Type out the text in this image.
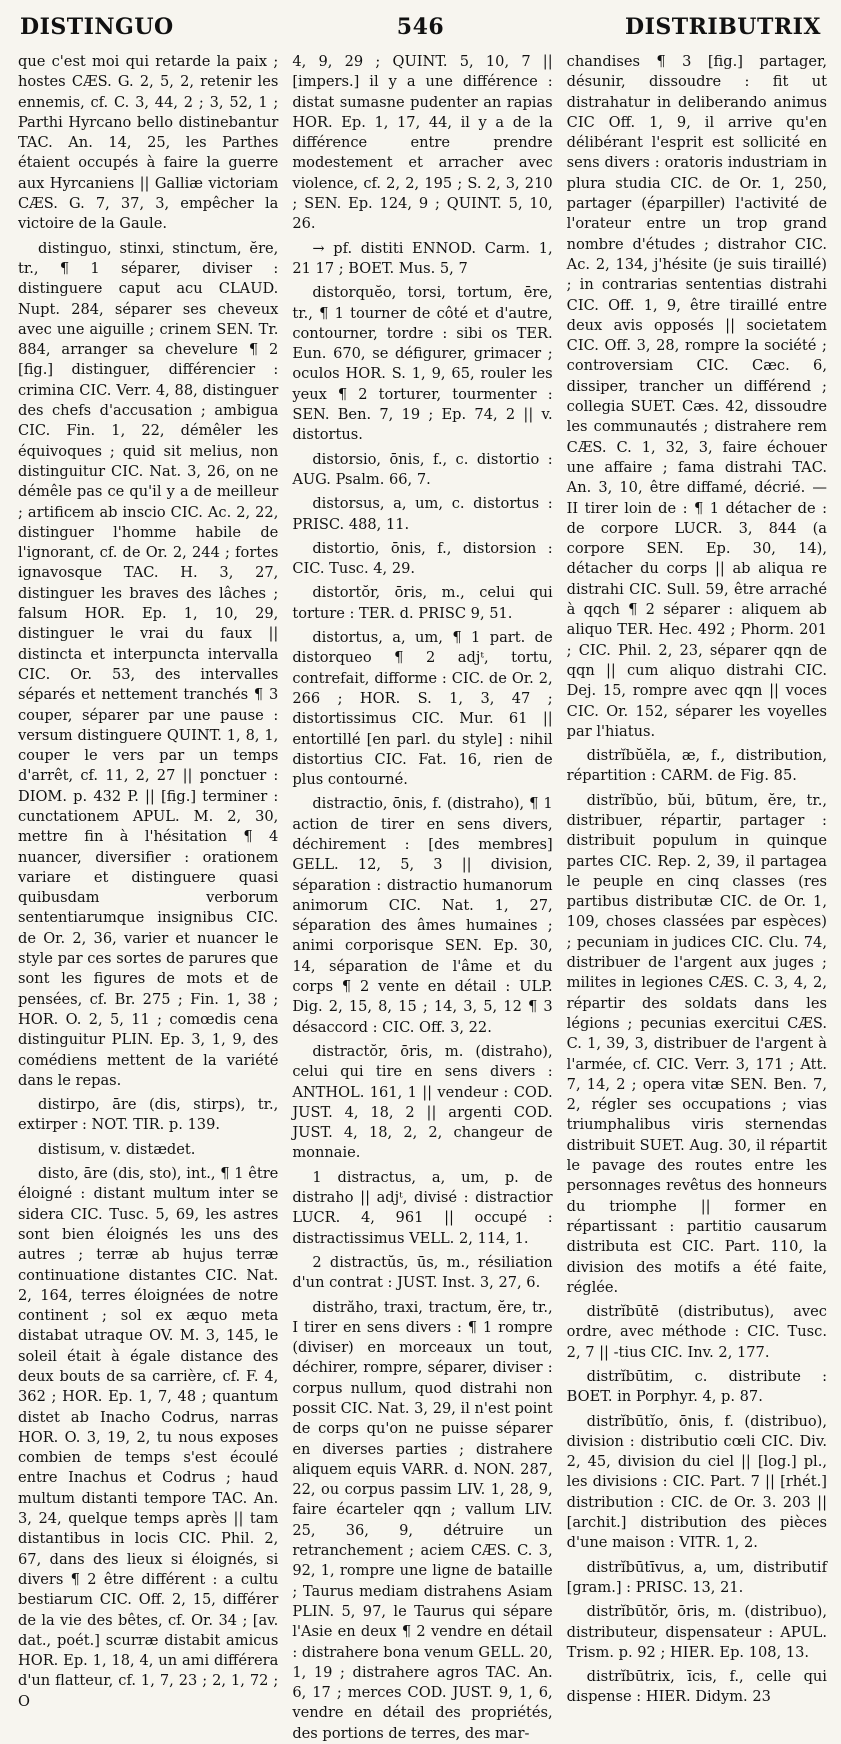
DISTINGUO	546	DISTRIBUTRIX

que c'est moi qui retarde la paix ; hostes CÆS. G. 2, 5, 2, retenir les ennemis, cf. C. 3, 44, 2 ; 3, 52, 1 ; Parthi Hyrcano bello distinebantur TAC. An. 14, 25, les Parthes étaient occupés à faire la guerre aux Hyrcaniens || Galliæ victoriam CÆS. G. 7, 37, 3, empêcher la victoire de la Gaule.

distinguo, stinxi, stinctum, ĕre, tr., ¶ 1 séparer, diviser : distinguere caput acu CLAUD. Nupt. 284, séparer ses cheveux avec une aiguille ; crinem SEN. Tr. 884, arranger sa chevelure ¶ 2 [fig.] distinguer, différencier : crimina CIC. Verr. 4, 88, distinguer des chefs d'accusation ; ambigua CIC. Fin. 1, 22, démêler les équivoques ; quid sit melius, non distinguitur CIC. Nat. 3, 26, on ne démêle pas ce qu'il y a de meilleur ; artificem ab inscio CIC. Ac. 2, 22, distinguer l'homme habile de l'ignorant, cf. de Or. 2, 244 ; fortes ignavosque TAC. H. 3, 27, distinguer les braves des lâches ; falsum HOR. Ep. 1, 10, 29, distinguer le vrai du faux || distincta et interpuncta intervalla CIC. Or. 53, des intervalles séparés et nettement tranchés ¶ 3 couper, séparer par une pause : versum distinguere QUINT. 1, 8, 1, couper le vers par un temps d'arrêt, cf. 11, 2, 27 || ponctuer : DIOM. p. 432 P. || [fig.] terminer : cunctationem APUL. M. 2, 30, mettre fin à l'hésitation ¶ 4 nuancer, diversifier : orationem variare et distinguere quasi quibusdam verborum sententiarumque insignibus CIC. de Or. 2, 36, varier et nuancer le style par ces sortes de parures que sont les figures de mots et de pensées, cf. Br. 275 ; Fin. 1, 38 ; HOR. O. 2, 5, 11 ; comœdis cena distinguitur PLIN. Ep. 3, 1, 9, des comédiens mettent de la variété dans le repas.

distirpo, āre (dis, stirps), tr., extirper : NOT. TIR. p. 139.

distisum, v. distædet.

disto, āre (dis, sto), int., ¶ 1 être éloigné : distant multum inter se sidera CIC. Tusc. 5, 69, les astres sont bien éloignés les uns des autres ; terræ ab hujus terræ continuatione distantes CIC. Nat. 2, 164, terres éloignées de notre continent ; sol ex æquo meta distabat utraque OV. M. 3, 145, le soleil était à égale distance des deux bouts de sa carrière, cf. F. 4, 362 ; HOR. Ep. 1, 7, 48 ; quantum distet ab Inacho Codrus, narras HOR. O. 3, 19, 2, tu nous exposes combien de temps s'est écoulé entre Inachus et Codrus ; haud multum distanti tempore TAC. An. 3, 24, quelque temps après || tam distantibus in locis CIC. Phil. 2, 67, dans des lieux si éloignés, si divers ¶ 2 être différent : a cultu bestiarum CIC. Off. 2, 15, différer de la vie des bêtes, cf. Or. 34 ; [av. dat., poét.] scurræ distabit amicus HOR. Ep. 1, 18, 4, un ami différera d'un flatteur, cf. 1, 7, 23 ; 2, 1, 72 ; O

4, 9, 29 ; QUINT. 5, 10, 7 || [impers.] il y a une différence : distat sumasne pudenter an rapias HOR. Ep. 1, 17, 44, il y a de la différence entre prendre modestement et arracher avec violence, cf. 2, 2, 195 ; S. 2, 3, 210 ; SEN. Ep. 124, 9 ; QUINT. 5, 10, 26.

→ pf. distiti ENNOD. Carm. 1, 21 17 ; BOET. Mus. 5, 7

distorquĕo, torsi, tortum, ēre, tr., ¶ 1 tourner de côté et d'autre, contourner, tordre : sibi os TER. Eun. 670, se défigurer, grimacer ; oculos HOR. S. 1, 9, 65, rouler les yeux ¶ 2 torturer, tourmenter : SEN. Ben. 7, 19 ; Ep. 74, 2 || v. distortus.

distorsio, ōnis, f., c. distortio : AUG. Psalm. 66, 7.

distorsus, a, um, c. distortus : PRISC. 488, 11.

distortio, ōnis, f., distorsion : CIC. Tusc. 4, 29.

distortŏr, ōris, m., celui qui torture : TER. d. PRISC 9, 51.

distortus, a, um, ¶ 1 part. de distorqueo ¶ 2 adjᵗ, tortu, contrefait, difforme : CIC. de Or. 2, 266 ; HOR. S. 1, 3, 47 ; distortissimus CIC. Mur. 61 || entortillé [en parl. du style] : nihil distortius CIC. Fat. 16, rien de plus contourné.

distractio, ōnis, f. (distraho), ¶ 1 action de tirer en sens divers, déchirement : [des membres] GELL. 12, 5, 3 || division, séparation : distractio humanorum animorum CIC. Nat. 1, 27, séparation des âmes humaines ; animi corporisque SEN. Ep. 30, 14, séparation de l'âme et du corps ¶ 2 vente en détail : ULP. Dig. 2, 15, 8, 15 ; 14, 3, 5, 12 ¶ 3 désaccord : CIC. Off. 3, 22.

distractŏr, ōris, m. (distraho), celui qui tire en sens divers : ANTHOL. 161, 1 || vendeur : COD. JUST. 4, 18, 2 || argenti COD. JUST. 4, 18, 2, 2, changeur de monnaie.

1 distractus, a, um, p. de distraho || adjᵗ, divisé : distractior LUCR. 4, 961 || occupé : distractissimus VELL. 2, 114, 1.

2 distractŭs, ūs, m., résiliation d'un contrat : JUST. Inst. 3, 27, 6.

distrăho, traxi, tractum, ĕre, tr., I tirer en sens divers : ¶ 1 rompre (diviser) en morceaux un tout, déchirer, rompre, séparer, diviser : corpus nullum, quod distrahi non possit CIC. Nat. 3, 29, il n'est point de corps qu'on ne puisse séparer en diverses parties ; distrahere aliquem equis VARR. d. NON. 287, 22, ou corpus passim LIV. 1, 28, 9, faire écarteler qqn ; vallum LIV. 25, 36, 9, détruire un retranchement ; aciem CÆS. C. 3, 92, 1, rompre une ligne de bataille ; Taurus mediam distrahens Asiam PLIN. 5, 97, le Taurus qui sépare l'Asie en deux ¶ 2 vendre en détail : distrahere bona venum GELL. 20, 1, 19 ; distrahere agros TAC. An. 6, 17 ; merces COD. JUST. 9, 1, 6, vendre en détail des propriétés, des portions de terres, des mar-

chandises ¶ 3 [fig.] partager, désunir, dissoudre : fit ut distrahatur in deliberando animus CIC Off. 1, 9, il arrive qu'en délibérant l'esprit est sollicité en sens divers : oratoris industriam in plura studia CIC. de Or. 1, 250, partager (éparpiller) l'activité de l'orateur entre un trop grand nombre d'études ; distrahor CIC. Ac. 2, 134, j'hésite (je suis tiraillé) ; in contrarias sententias distrahi CIC. Off. 1, 9, être tiraillé entre deux avis opposés || societatem CIC. Off. 3, 28, rompre la société ; controversiam CIC. Cæc. 6, dissiper, trancher un différend ; collegia SUET. Cæs. 42, dissoudre les communautés ; distrahere rem CÆS. C. 1, 32, 3, faire échouer une affaire ; fama distrahi TAC. An. 3, 10, être diffamé, décrié. — II tirer loin de : ¶ 1 détacher de : de corpore LUCR. 3, 844 (a corpore SEN. Ep. 30, 14), détacher du corps || ab aliqua re distrahi CIC. Sull. 59, être arraché à qqch ¶ 2 séparer : aliquem ab aliquo TER. Hec. 492 ; Phorm. 201 ; CIC. Phil. 2, 23, séparer qqn de qqn || cum aliquo distrahi CIC. Dej. 15, rompre avec qqn || voces CIC. Or. 152, séparer les voyelles par l'hiatus.

distrĭbŭĕla, æ, f., distribution, répartition : CARM. de Fig. 85.

distrĭbŭo, bŭi, būtum, ĕre, tr., distribuer, répartir, partager : distribuit populum in quinque partes CIC. Rep. 2, 39, il partagea le peuple en cinq classes (res partibus distributæ CIC. de Or. 1, 109, choses classées par espèces) ; pecuniam in judices CIC. Clu. 74, distribuer de l'argent aux juges ; milites in legiones CÆS. C. 3, 4, 2, répartir des soldats dans les légions ; pecunias exercitui CÆS. C. 1, 39, 3, distribuer de l'argent à l'armée, cf. CIC. Verr. 3, 171 ; Att. 7, 14, 2 ; opera vitæ SEN. Ben. 7, 2, régler ses occupations ; vias triumphalibus viris sternendas distribuit SUET. Aug. 30, il répartit le pavage des routes entre les personnages revêtus des honneurs du triomphe || former en répartissant : partitio causarum distributa est CIC. Part. 110, la division des motifs a été faite, réglée.

distrĭbūtē (distributus), avec ordre, avec méthode : CIC. Tusc. 2, 7 || -tius CIC. Inv. 2, 177.

distrĭbūtim, c. distribute : BOET. in Porphyr. 4, p. 87.

distrĭbūtĭo, ōnis, f. (distribuo), division : distributio cœli CIC. Div. 2, 45, division du ciel || [log.] pl., les divisions : CIC. Part. 7 || [rhét.] distribution : CIC. de Or. 3. 203 || [archit.] distribution des pièces d'une maison : VITR. 1, 2.

distrĭbūtīvus, a, um, distributif [gram.] : PRISC. 13, 21.

distrĭbūtŏr, ōris, m. (distribuo), distributeur, dispensateur : APUL. Trism. p. 92 ; HIER. Ep. 108, 13.

distrĭbūtrix, īcis, f., celle qui dispense : HIER. Didym. 23
